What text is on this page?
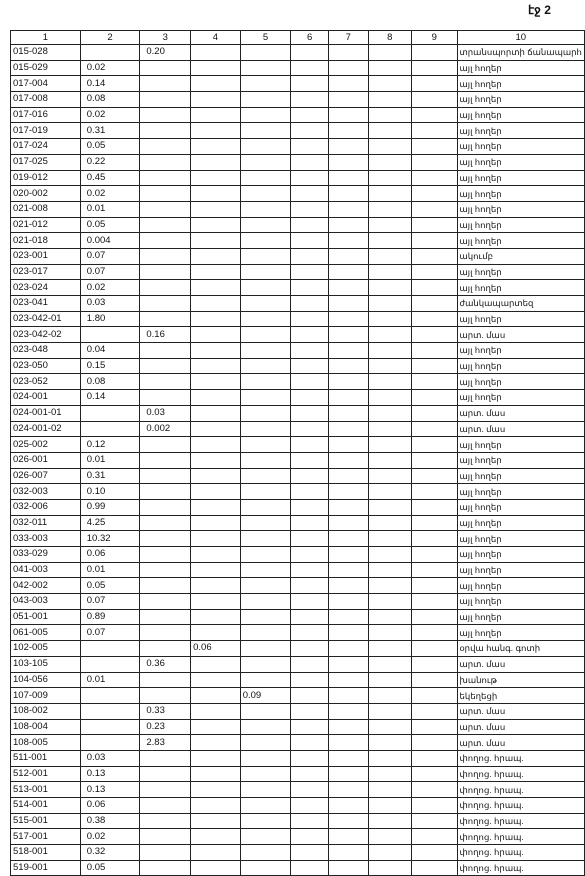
էջ 2
1	2	3	4	5	6	7	8	9	10
015-028		0.20							տրանսպորտի ճանապարհ
015-029	0.02								այլ հողեր
017-004	0.14								այլ հողեր
017-008	0.08								այլ հողեր
017-016	0.02								այլ հողեր
017-019	0.31								այլ հողեր
017-024	0.05								այլ հողեր
017-025	0.22								այլ հողեր
019-012	0.45								այլ հողեր
020-002	0.02								այլ հողեր
021-008	0.01								այլ հողեր
021-012	0.05								այլ հողեր
021-018	0.004								այլ հողեր
023-001	0.07								ակումբ
023-017	0.07								այլ հողեր
023-024	0.02								այլ հողեր
023-041	0.03								ժանկապարտեզ
023-042-01	1.80								այլ հողեր
023-042-02		0.16							արտ. մաս
023-048	0.04								այլ հողեր
023-050	0.15								այլ հողեր
023-052	0.08								այլ հողեր
024-001	0.14								այլ հողեր
024-001-01		0.03							արտ. մաս
024-001-02		0.002							արտ. մաս
025-002	0.12								այլ հողեր
026-001	0.01								այլ հողեր
026-007	0.31								այլ հողեր
032-003	0.10								այլ հողեր
032-006	0.99								այլ հողեր
032-011	4.25								այլ հողեր
033-003	10.32								այլ հողեր
033-029	0.06								այլ հողեր
041-003	0.01								այլ հողեր
042-002	0.05								այլ հողեր
043-003	0.07								այլ հողեր
051-001	0.89								այլ հողեր
061-005	0.07								այլ հողեր
102-005			0.06						օրվա հանգ. գոտի
103-105		0.36							արտ. մաս
104-056	0.01								խանութ
107-009				0.09					եկեղեցի
108-002		0.33							արտ. մաս
108-004		0.23							արտ. մաս
108-005		2.83							արտ. մաս
511-001	0.03								փողոց. հրապ.
512-001	0.13								փողոց. հրապ.
513-001	0.13								փողոց. հրապ.
514-001	0.06								փողոց. հրապ.
515-001	0.38								փողոց. հրապ.
517-001	0.02								փողոց. հրապ.
518-001	0.32								փողոց. հրապ.
519-001	0.05								փողոց. հրապ.
